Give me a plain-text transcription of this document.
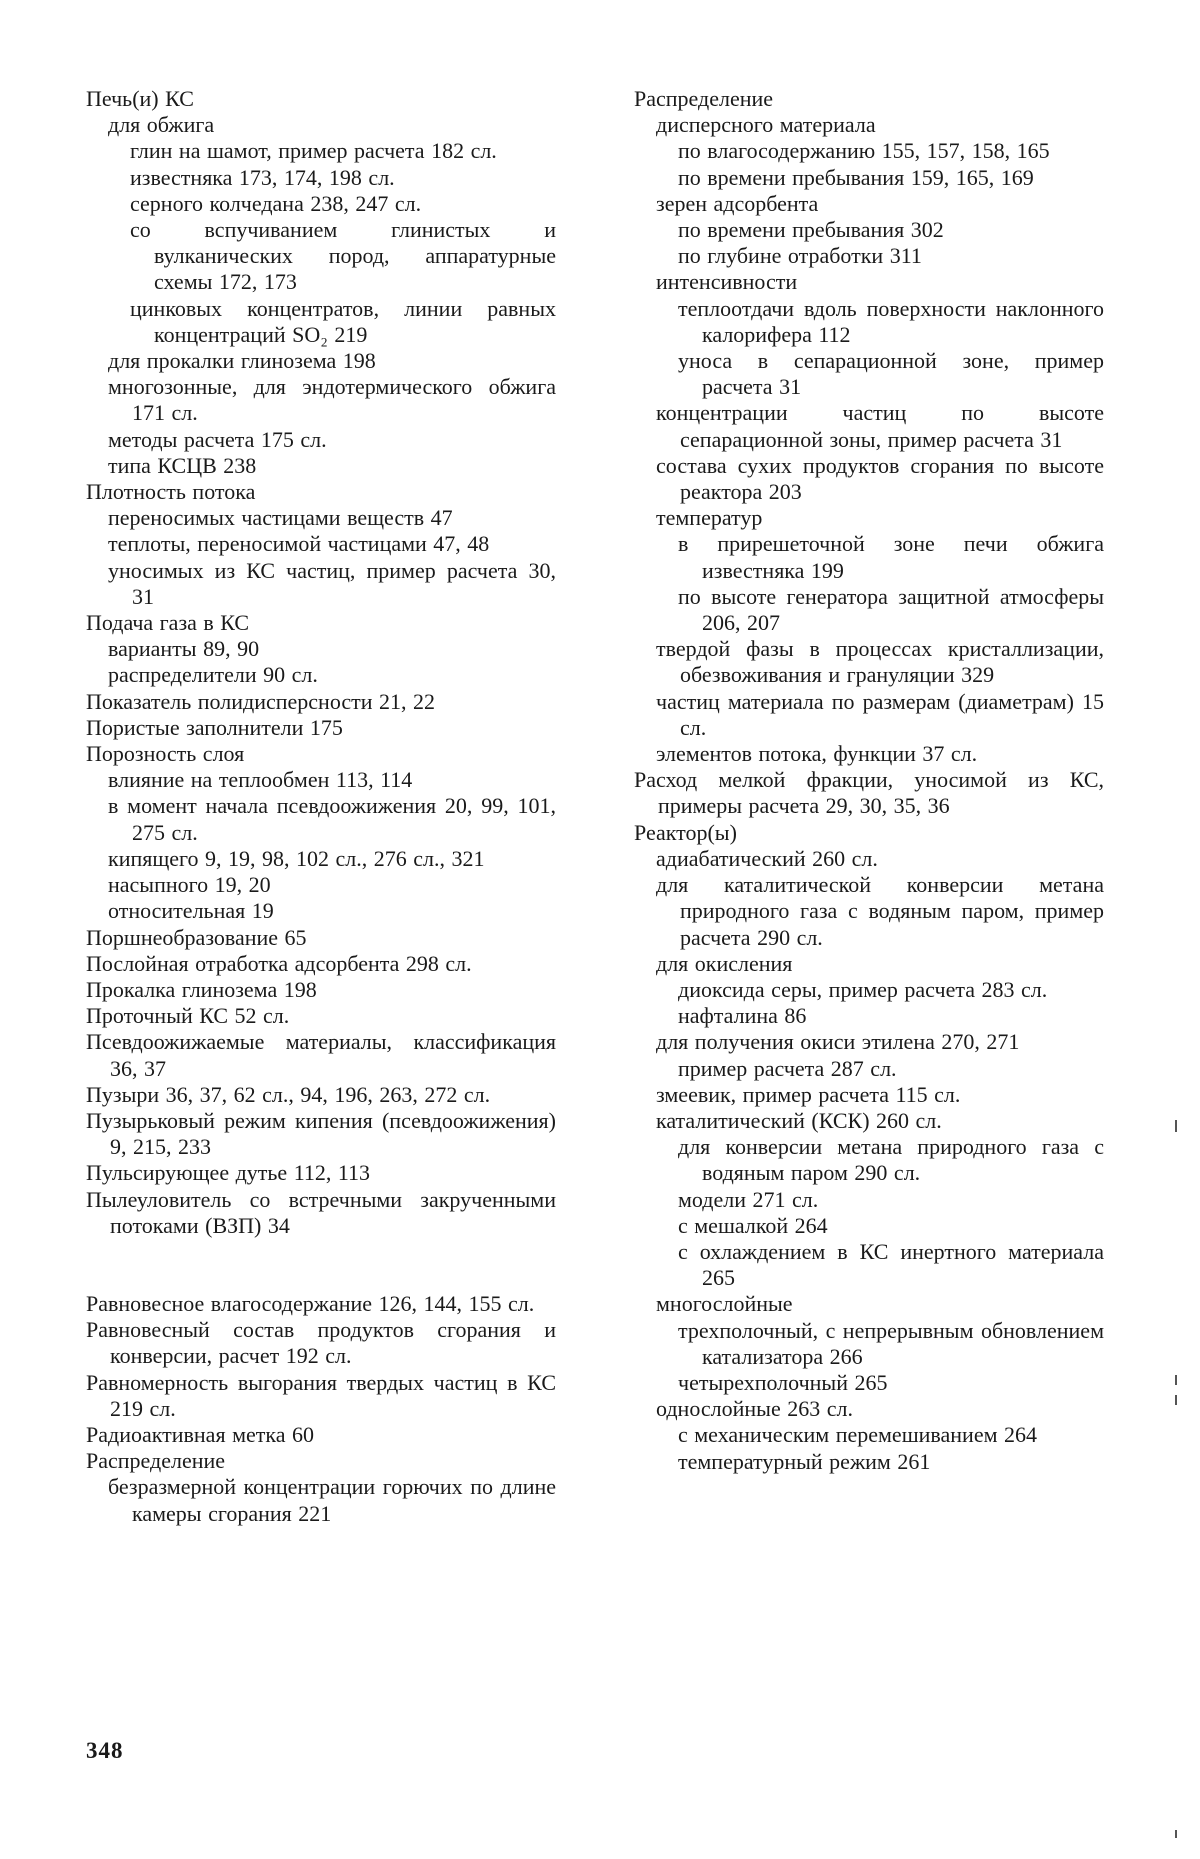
Печь(и) КС
для обжига
глин на шамот, пример расчета 182 сл.
известняка 173, 174, 198 сл.
серного колчедана 238, 247 сл.
со вспучиванием глинистых и вулканических пород, аппаратурные схемы 172, 173
цинковых концентратов, линии равных концентраций SO₂ 219
для прокалки глинозема 198
многозонные, для эндотермического обжига 171 сл.
методы расчета 175 сл.
типа КСЦВ 238
Плотность потока
переносимых частицами веществ 47
теплоты, переносимой частицами 47, 48
уносимых из КС частиц, пример расчета 30, 31
Подача газа в КС
варианты 89, 90
распределители 90 сл.
Показатель полидисперсности 21, 22
Пористые заполнители 175
Порозность слоя
влияние на теплообмен 113, 114
в момент начала псевдоожижения 20, 99, 101, 275 сл.
кипящего 9, 19, 98, 102 сл., 276 сл., 321
насыпного 19, 20
относительная 19
Поршнеобразование 65
Послойная отработка адсорбента 298 сл.
Прокалка глинозема 198
Проточный КС 52 сл.
Псевдоожижаемые материалы, классификация 36, 37
Пузыри 36, 37, 62 сл., 94, 196, 263, 272 сл.
Пузырьковый режим кипения (псевдоожижения) 9, 215, 233
Пульсирующее дутье 112, 113
Пылеуловитель со встречными закрученными потоками (ВЗП) 34
Равновесное влагосодержание 126, 144, 155 сл.
Равновесный состав продуктов сгорания и конверсии, расчет 192 сл.
Равномерность выгорания твердых частиц в КС 219 сл.
Радиоактивная метка 60
Распределение
безразмерной концентрации горючих по длине камеры сгорания 221
Распределение
дисперсного материала
по влагосодержанию 155, 157, 158, 165
по времени пребывания 159, 165, 169
зерен адсорбента
по времени пребывания 302
по глубине отработки 311
интенсивности
теплоотдачи вдоль поверхности наклонного калорифера 112
уноса в сепарационной зоне, пример расчета 31
концентрации частиц по высоте сепарационной зоны, пример расчета 31
состава сухих продуктов сгорания по высоте реактора 203
температур
в прирешеточной зоне печи обжига известняка 199
по высоте генератора защитной атмосферы 206, 207
твердой фазы в процессах кристаллизации, обезвоживания и грануляции 329
частиц материала по размерам (диаметрам) 15 сл.
элементов потока, функции 37 сл.
Расход мелкой фракции, уносимой из КС, примеры расчета 29, 30, 35, 36
Реактор(ы)
адиабатический 260 сл.
для каталитической конверсии метана природного газа с водяным паром, пример расчета 290 сл.
для окисления
диоксида серы, пример расчета 283 сл.
нафталина 86
для получения окиси этилена 270, 271
пример расчета 287 сл.
змеевик, пример расчета 115 сл.
каталитический (КСК) 260 сл.
для конверсии метана природного газа с водяным паром 290 сл.
модели 271 сл.
с мешалкой 264
с охлаждением в КС инертного материала 265
многослойные
трехполочный, с непрерывным обновлением катализатора 266
четырехполочный 265
однослойные 263 сл.
с механическим перемешиванием 264
температурный режим 261
348
